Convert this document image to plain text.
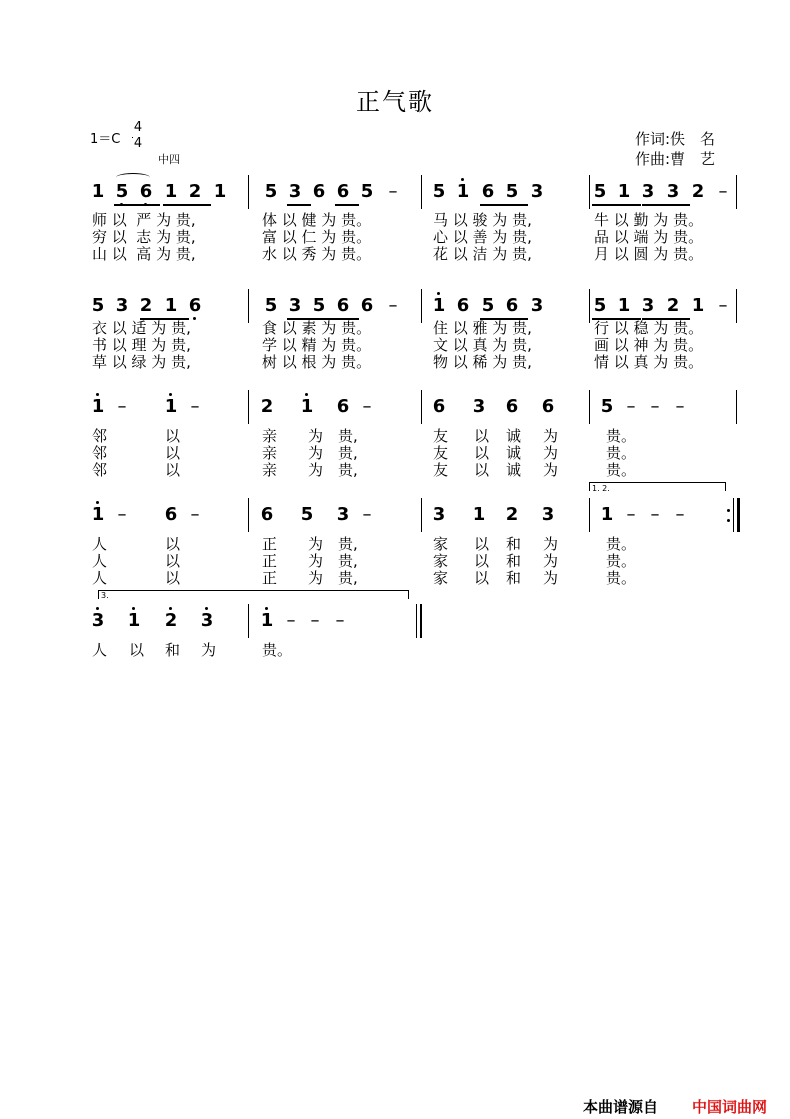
正气歌
1＝C
4
4
中四
作词:佚　名
作曲:曹　艺
1 5 6 1 2 1 5 3 6 6 5 – 5 1 6 5 3	5 1 3 3 2 –
师 以  严 为 贵,	体 以 健 为 贵。	马 以 骏 为 贵,	牛 以 勤 为 贵。
穷 以  志 为 贵,	富 以 仁 为 贵。	心 以 善 为 贵,	品 以 端 为 贵。
山 以  高 为 贵,	水 以 秀 为 贵。	花 以 洁 为 贵,	月 以 圆 为 贵。
5 3 2 1 6	5 3 5 6 6 – 1 6 5 6 3	5 1 3 2 1 –
衣 以 适 为 贵,	食 以 素 为 贵。	住 以 雅 为 贵,	行 以 稳 为 贵。
书 以 理 为 贵,	学 以 精 为 贵。	文 以 真 为 贵,	画 以 神 为 贵。
草 以 绿 为 贵,	树 以 根 为 贵。	物 以 稀 为 贵,	情 以 真 为 贵。
1 – 1 –	2 1 6 –	6 3 6 6	5 – – –
邻	以	亲 为 贵,	友 以 诚 为	贵。
邻	以	亲 为 贵,	友 以 诚 为	贵。
邻	以	亲 为 贵,	友 以 诚 为	贵。
1 – 6 –	6 5 3 –	3 1 2 3	1 – – –
人	以	正 为 贵,	家 以 和 为	贵。
人	以	正 为 贵,	家 以 和 为	贵。
人	以	正 为 贵,	家 以 和 为	贵。
3 1 2 3	1 – – –
人 以 和 为	贵。
1. 2.
3.
本曲谱源自 中国词曲网
